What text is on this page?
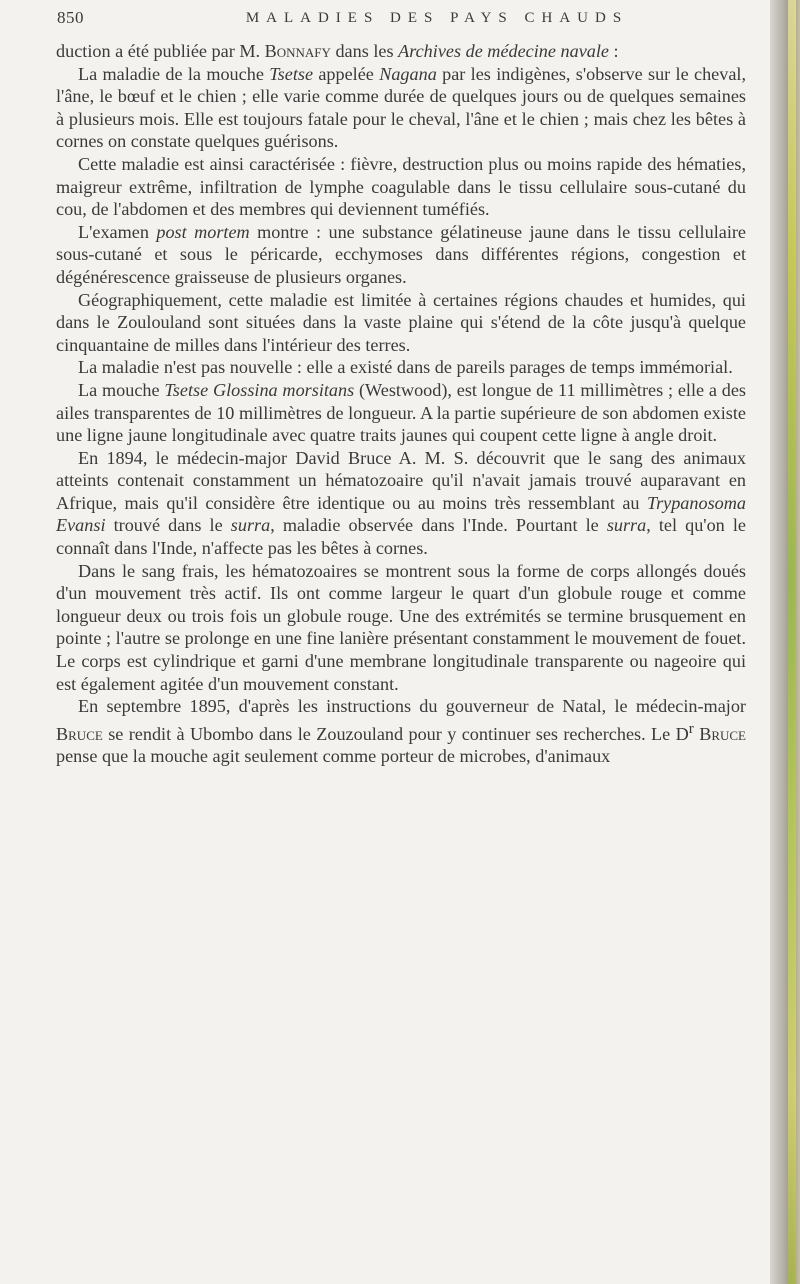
850	MALADIES DES PAYS CHAUDS

duction a été publiée par M. Bonnafy dans les Archives de médecine navale :

La maladie de la mouche Tsetse appelée Nagana par les indigènes, s'observe sur le cheval, l'âne, le bœuf et le chien ; elle varie comme durée de quelques jours ou de quelques semaines à plusieurs mois. Elle est toujours fatale pour le cheval, l'âne et le chien ; mais chez les bêtes à cornes on constate quelques guérisons.

Cette maladie est ainsi caractérisée : fièvre, destruction plus ou moins rapide des hématies, maigreur extrême, infiltration de lymphe coagulable dans le tissu cellulaire sous-cutané du cou, de l'abdomen et des membres qui deviennent tuméfiés.

L'examen post mortem montre : une substance gélatineuse jaune dans le tissu cellulaire sous-cutané et sous le péricarde, ecchymoses dans différentes régions, congestion et dégénérescence graisseuse de plusieurs organes.

Géographiquement, cette maladie est limitée à certaines régions chaudes et humides, qui dans le Zoulouland sont situées dans la vaste plaine qui s'étend de la côte jusqu'à quelque cinquantaine de milles dans l'intérieur des terres.

La maladie n'est pas nouvelle : elle a existé dans de pareils parages de temps immémorial.

La mouche Tsetse Glossina morsitans (Westwood), est longue de 11 millimètres ; elle a des ailes transparentes de 10 millimètres de longueur. A la partie supérieure de son abdomen existe une ligne jaune longitudinale avec quatre traits jaunes qui coupent cette ligne à angle droit.

En 1894, le médecin-major David Bruce A. M. S. découvrit que le sang des animaux atteints contenait constamment un hématozoaire qu'il n'avait jamais trouvé auparavant en Afrique, mais qu'il considère être identique ou au moins très ressemblant au Trypanosoma Evansi trouvé dans le surra, maladie observée dans l'Inde. Pourtant le surra, tel qu'on le connaît dans l'Inde, n'affecte pas les bêtes à cornes.

Dans le sang frais, les hématozoaires se montrent sous la forme de corps allongés doués d'un mouvement très actif. Ils ont comme largeur le quart d'un globule rouge et comme longueur deux ou trois fois un globule rouge. Une des extrémités se termine brusquement en pointe ; l'autre se prolonge en une fine lanière présentant constamment le mouvement de fouet. Le corps est cylindrique et garni d'une membrane longitudinale transparente ou nageoire qui est également agitée d'un mouvement constant.

En septembre 1895, d'après les instructions du gouverneur de Natal, le médecin-major Bruce se rendit à Ubombo dans le Zouzouland pour y continuer ses recherches. Le $D^r$ Bruce pense que la mouche agit seulement comme porteur de microbes, d'animaux
